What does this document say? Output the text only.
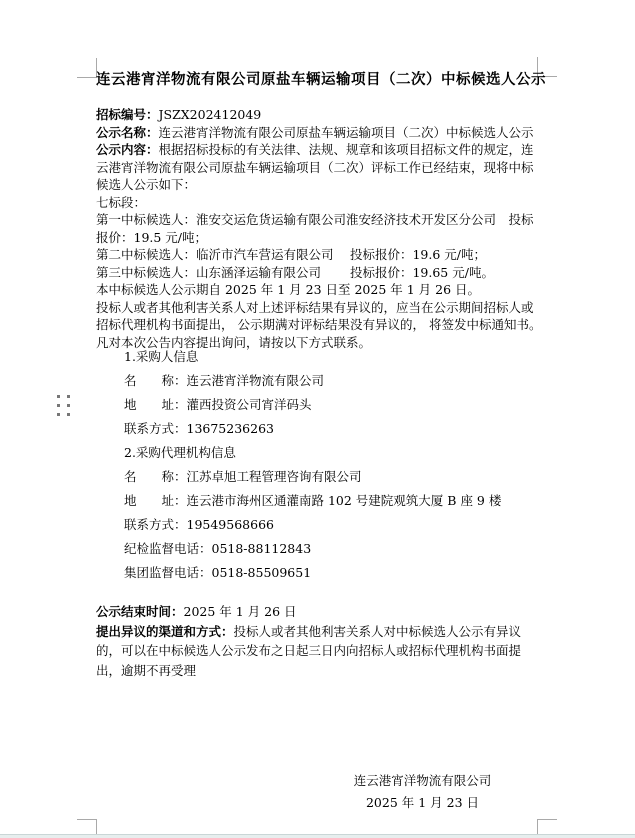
连云港宵洋物流有限公司原盐车辆运输项目（二次）中标候选人公示
招标编号：JSZX202412049
公示名称：连云港宵洋物流有限公司原盐车辆运输项目（二次）中标候选人公示
公示内容：根据招标投标的有关法律、法规、规章和该项目招标文件的规定，连
云港宵洋物流有限公司原盐车辆运输项目（二次）评标工作已经结束，现将中标
候选人公示如下：
七标段：
第一中标候选人：淮安交运危货运输有限公司淮安经济技术开发区分公司　投标
报价：19.5 元/吨；
第二中标候选人：临沂市汽车营运有限公司　 投标报价：19.6 元/吨；
第三中标候选人：山东涵泽运输有限公司　　 投标报价：19.65 元/吨。
本中标候选人公示期自 2025 年 1 月 23 日至 2025 年 1 月 26 日。
投标人或者其他利害关系人对上述评标结果有异议的，应当在公示期间招标人或
招标代理机构书面提出， 公示期满对评标结果没有异议的， 将签发中标通知书。
凡对本次公告内容提出询问，请按以下方式联系。
1.采购人信息
名　　称：连云港宵洋物流有限公司
地　　址：灌西投资公司宵洋码头
联系方式：13675236263
2.采购代理机构信息
名　　称：江苏卓旭工程管理咨询有限公司
地　　址：连云港市海州区通灌南路 102 号建院观筑大厦 B 座 9 楼
联系方式：19549568666
纪检监督电话：0518-88112843
集团监督电话：0518-85509651
公示结束时间：2025 年 1 月 26 日
提出异议的渠道和方式：投标人或者其他利害关系人对中标候选人公示有异议
的，可以在中标候选人公示发布之日起三日内向招标人或招标代理机构书面提
出，逾期不再受理
连云港宵洋物流有限公司
2025 年 1 月 23 日
